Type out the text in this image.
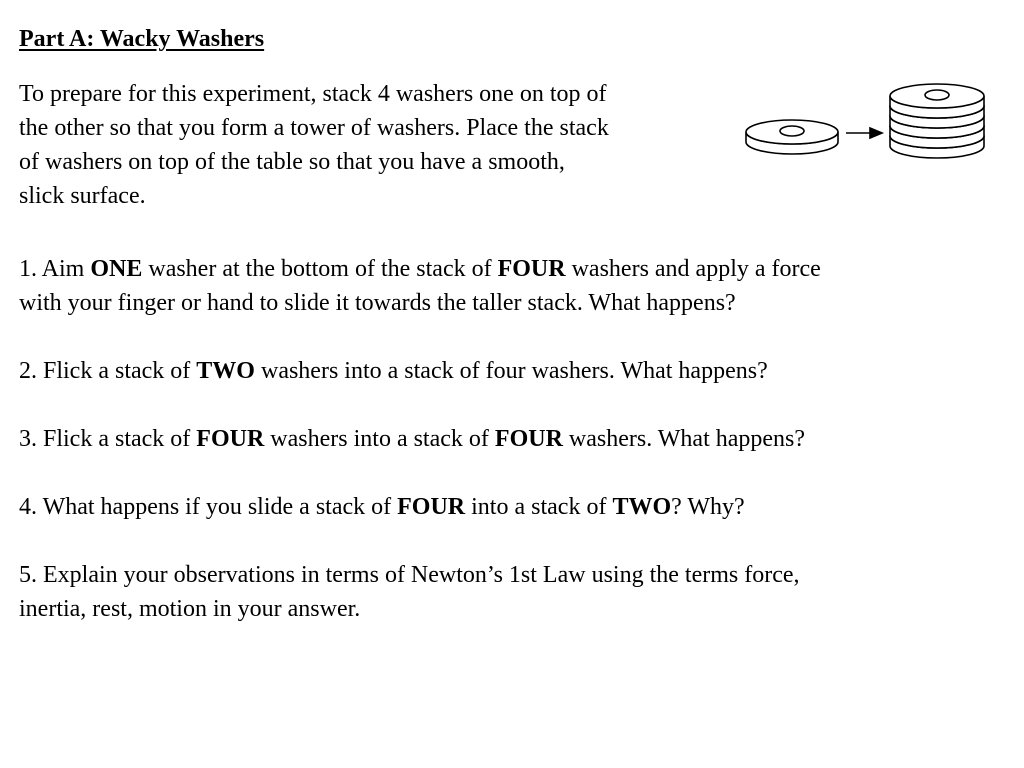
Part A: Wacky Washers
To prepare for this experiment, stack 4 washers one on top of
the other so that you form a tower of washers. Place the stack
of washers on top of the table so that you have a smooth,
slick surface.
1. Aim ONE washer at the bottom of the stack of FOUR washers and apply a force
with your finger or hand to slide it towards the taller stack. What happens?
2. Flick a stack of TWO washers into a stack of four washers. What happens?
3. Flick a stack of FOUR washers into a stack of FOUR washers. What happens?
4. What happens if you slide a stack of FOUR into a stack of TWO? Why?
5. Explain your observations in terms of Newton’s 1st Law using the terms force,
inertia, rest, motion in your answer.
